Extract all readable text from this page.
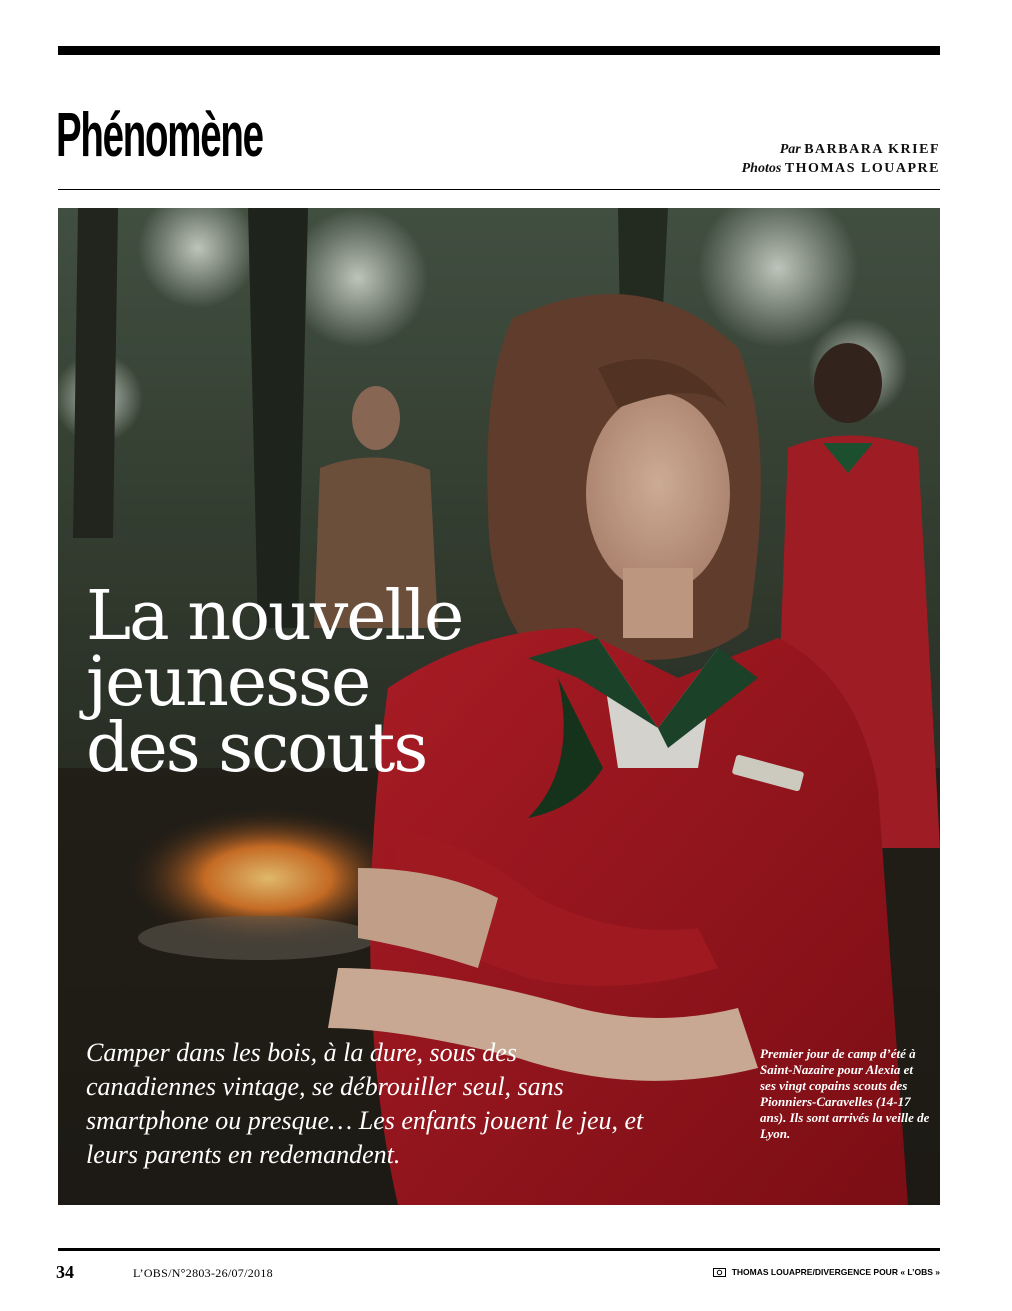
Phénomène	Par BARBARA KRIEF
Photos THOMAS LOUAPRE
La nouvelle
jeunesse
des scouts

Camper dans les bois, à la dure, sous des canadiennes vintage, se débrouiller seul, sans smartphone ou presque… Les enfants jouent le jeu, et leurs parents en redemandent.

Premier jour de camp d’été à Saint-Nazaire pour Alexia et ses vingt copains scouts des Pionniers-Caravelles (14-17 ans). Ils sont arrivés la veille de Lyon.

34	L’OBS/N°2803-26/07/2018	THOMAS LOUAPRE/DIVERGENCE POUR « L’OBS »
